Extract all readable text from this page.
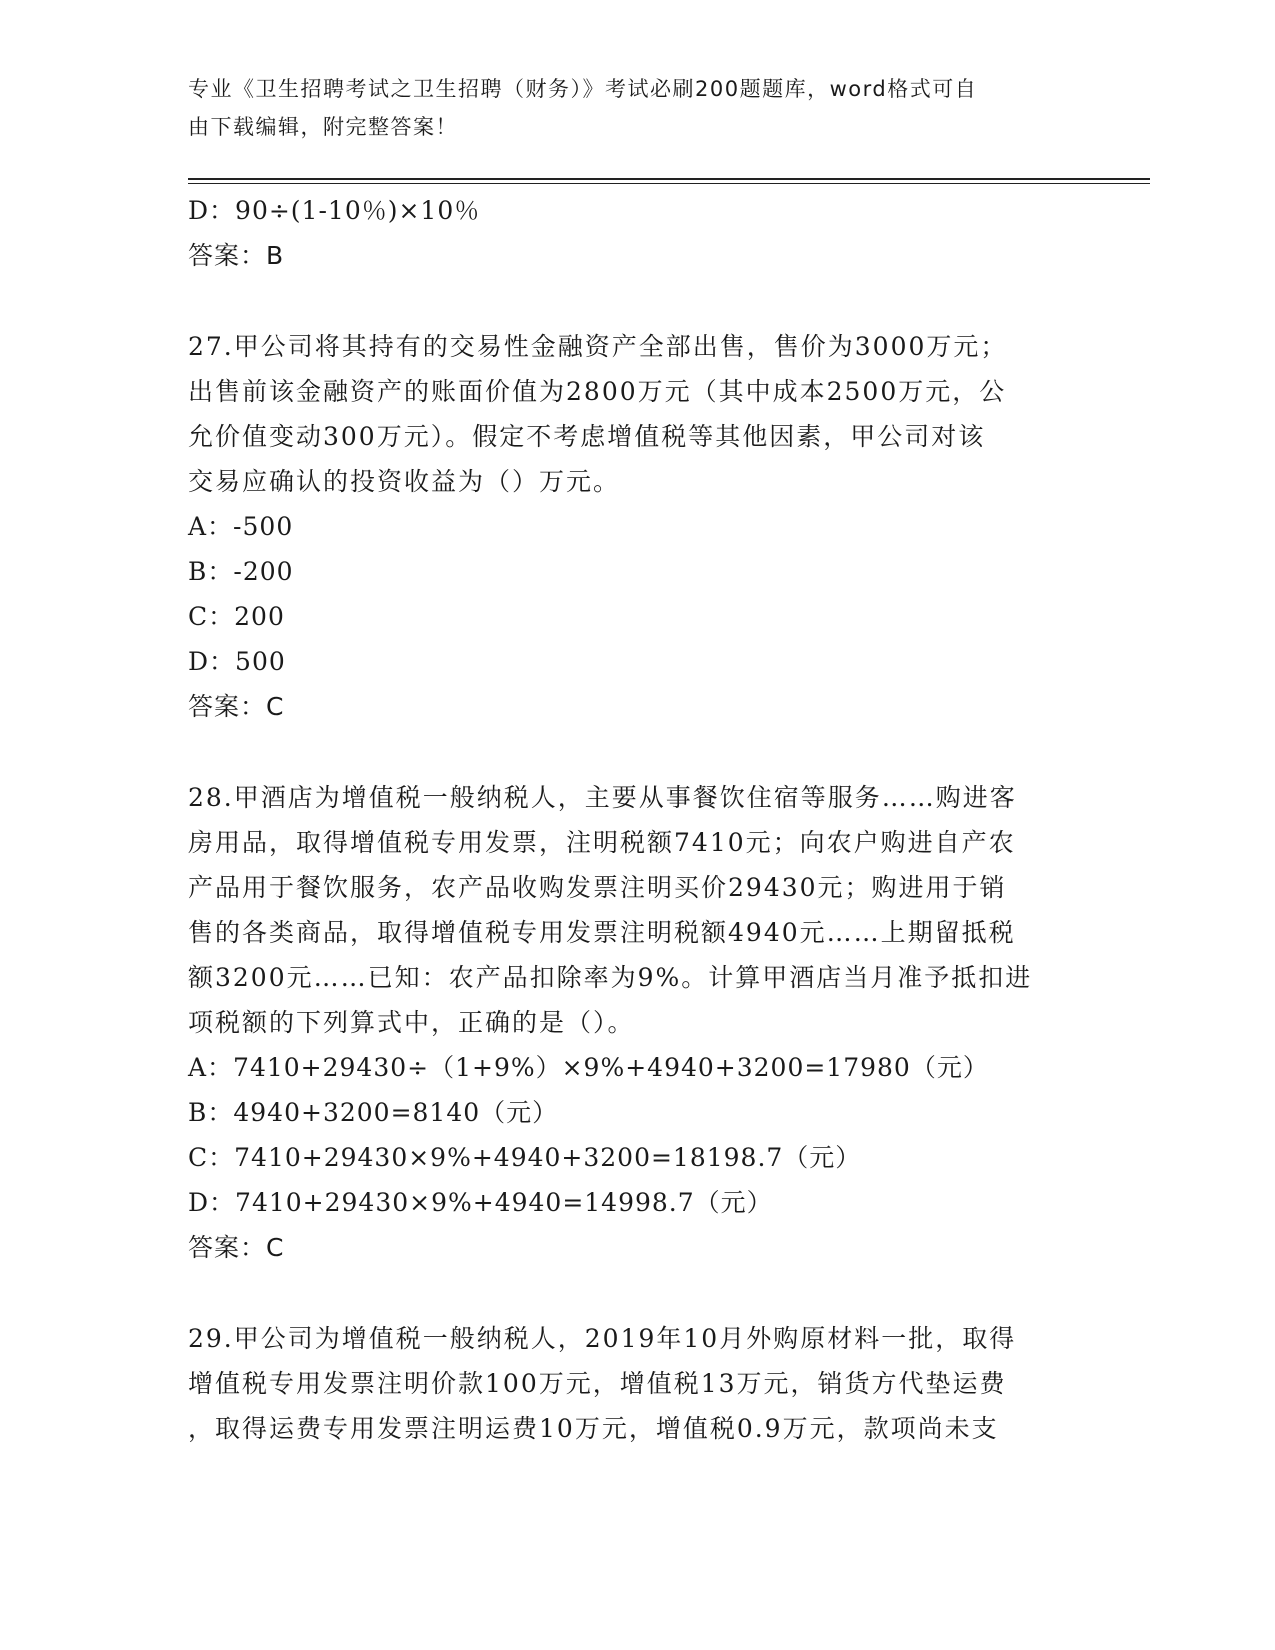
专业《卫生招聘考试之卫生招聘（财务）》考试必刷200题题库，word格式可自
由下载编辑，附完整答案！
D：90÷(1-10％)×10％
答案：B
27.甲公司将其持有的交易性金融资产全部出售，售价为3000万元；
出售前该金融资产的账面价值为2800万元（其中成本2500万元，公
允价值变动300万元）。假定不考虑增值税等其他因素，甲公司对该
交易应确认的投资收益为（）万元。
A：-500
B：-200
C：200
D：500
答案：C
28.甲酒店为增值税一般纳税人，主要从事餐饮住宿等服务……购进客
房用品，取得增值税专用发票，注明税额7410元；向农户购进自产农
产品用于餐饮服务，农产品收购发票注明买价29430元；购进用于销
售的各类商品，取得增值税专用发票注明税额4940元……上期留抵税
额3200元……已知：农产品扣除率为9%。计算甲酒店当月准予抵扣进
项税额的下列算式中，正确的是（）。
A：7410+29430÷（1+9%）×9%+4940+3200=17980（元）
B：4940+3200=8140（元）
C：7410+29430×9%+4940+3200=18198.7（元）
D：7410+29430×9%+4940=14998.7（元）
答案：C
29.甲公司为增值税一般纳税人，2019年10月外购原材料一批，取得
增值税专用发票注明价款100万元，增值税13万元，销货方代垫运费
，取得运费专用发票注明运费10万元，增值税0.9万元，款项尚未支
